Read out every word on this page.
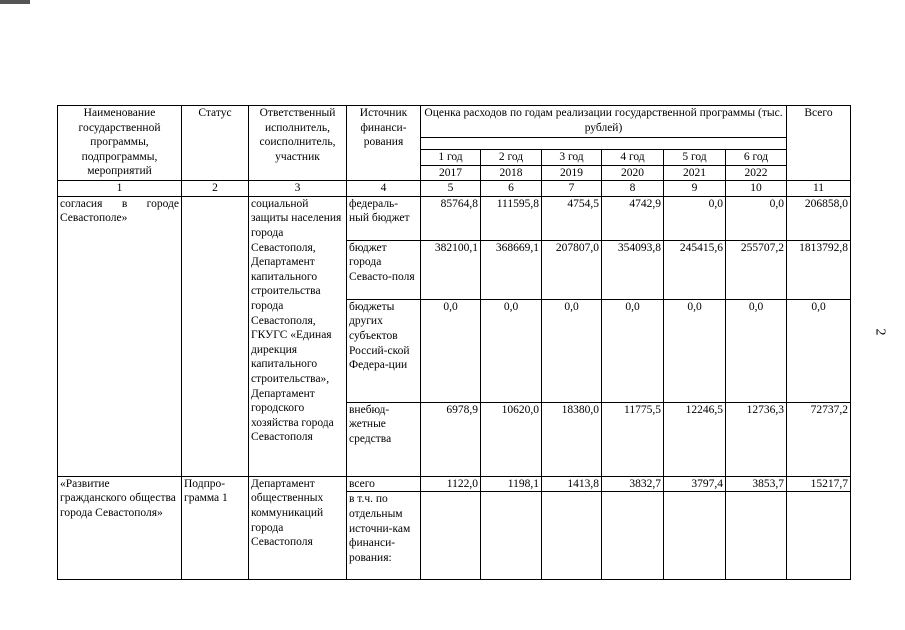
2
Наименование государственной программы, подпрограммы, мероприятий	Статус	Ответственный исполнитель, соисполнитель, участник	Источник финанси-рования	Оценка расходов по годам реализации государственной программы (тыс. рублей)						Всего

				1 год	2 год	3 год	4 год	5 год	6 год	
				2017	2018	2019	2020	2021	2022	
1	2	3	4	5	6	7	8	9	10	11
согласия в городе Севастополе»		социальной защиты населения города Севастополя, Департамент капитального строительства города Севастополя, ГКУГС «Единая дирекция капитального строительства», Департамент городского хозяйства города Севастополя	федераль-ный бюджет	85764,8	111595,8	4754,5	4742,9	0,0	0,0	206858,0
			бюджет города Севасто-поля	382100,1	368669,1	207807,0	354093,8	245415,6	255707,2	1813792,8
			бюджеты других субъектов Россий-ской Федера-ции	0,0	0,0	0,0	0,0	0,0	0,0	0,0
			внебюд-жетные средства	6978,9	10620,0	18380,0	11775,5	12246,5	12736,3	72737,2
«Развитие гражданского общества города Севастополя»	Подпро-грамма 1	Департамент общественных коммуникаций города Севастополя	всего	1122,0	1198,1	1413,8	3832,7	3797,4	3853,7	15217,7
			в т.ч. по отдельным источни-кам финанси-рования:							
